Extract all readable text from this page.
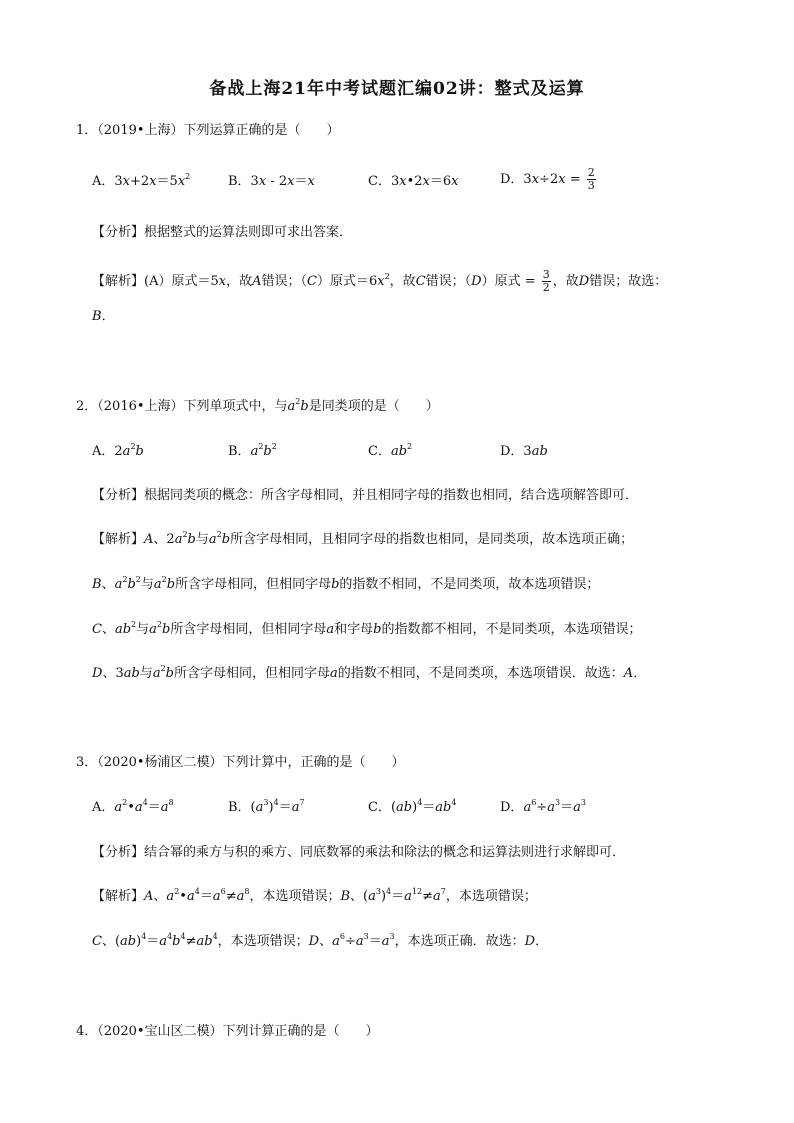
备战上海21年中考试题汇编02讲：整式及运算
1．（2019•上海）下列运算正确的是（　　）
A．$3x+2x=5x^2$	B．3x - 2x＝x	C．3x•2x＝6x	D．$3x\div 2x = \frac{2}{3}$
【分析】根据整式的运算法则即可求出答案．
【解析】(A）原式＝5x，故A错误；（C）原式$=6x^2$，故C错误；（D）原式 = $\frac{3}{2}$ ，故D错误；故选：
B．
2．（2016•上海）下列单项式中，与$a^2b$是同类项的是（　　）
A．$2a^2b$	B．$a^2b^2$	C．$ab^2$	D．3ab
【分析】根据同类项的概念：所含字母相同，并且相同字母的指数也相同，结合选项解答即可．
【解析】A、$2a^2b$与$a^2b$所含字母相同，且相同字母的指数也相同，是同类项，故本选项正确；
B、$a^2b^2$与$a^2b$所含字母相同，但相同字母b的指数不相同，不是同类项，故本选项错误；
C、$ab^2$与$a^2b$所含字母相同，但相同字母a和字母b的指数都不相同，不是同类项，本选项错误；
D、3ab与$a^2b$所含字母相同，但相同字母a的指数不相同，不是同类项，本选项错误．故选：A．
3．（2020•杨浦区二模）下列计算中，正确的是（　　）
A．$a^2•a^4=a^8$	B．$(a^3)^4=a^7$	C．$(ab)^4=ab^4$	D．$a^6\div a^3=a^3$
【分析】结合幂的乘方与积的乘方、同底数幂的乘法和除法的概念和运算法则进行求解即可．
【解析】A、$a^2•a^4=a^6\ne a^8$，本选项错误；B、$(a^3)^4=a^{12}\ne a^7$，本选项错误；
C、$(ab)^4=a^4b^4\ne ab^4$，本选项错误；D、$a^6\div a^3=a^3$，本选项正确．故选：D．
4．（2020•宝山区二模）下列计算正确的是（　　）
